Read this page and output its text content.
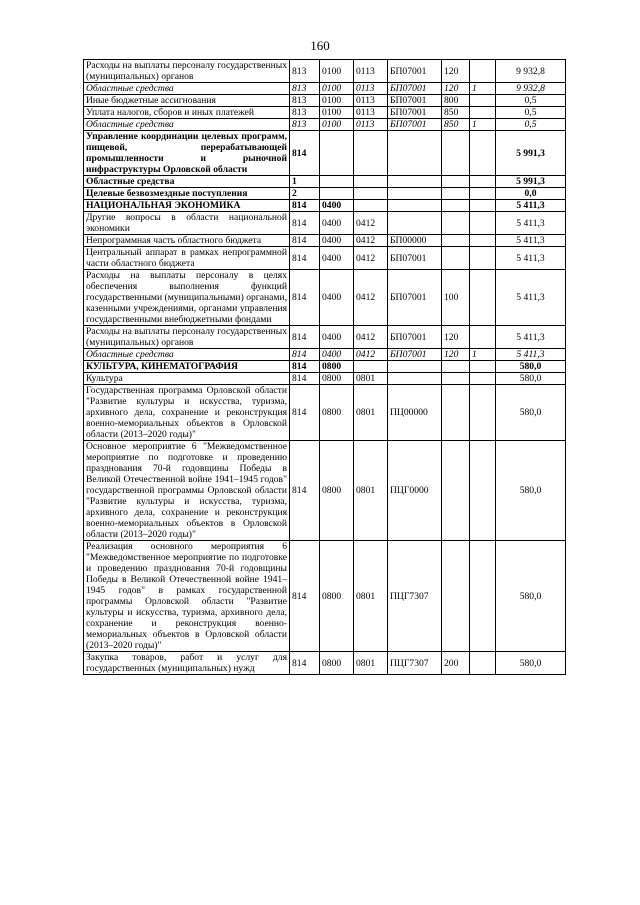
160
Расходы на выплаты персоналу государственных (муниципальных) органов	813	0100	0113	БП07001	120		9 932,8
Областные средства	813	0100	0113	БП07001	120	1	9 932,8
Иные бюджетные ассигнования	813	0100	0113	БП07001	800		0,5
Уплата налогов, сборов и иных платежей	813	0100	0113	БП07001	850		0,5
Областные средства	813	0100	0113	БП07001	850	1	0,5
Управление координации целевых программ, пищевой, перерабатывающей промышленности и рыночной инфраструктуры Орловской области	814						5 991,3
Областные средства	1						5 991,3
Целевые безвозмездные поступления	2						0,0
НАЦИОНАЛЬНАЯ ЭКОНОМИКА	814	0400					5 411,3
Другие вопросы в области национальной экономики	814	0400	0412				5 411,3
Непрограммная часть областного бюджета	814	0400	0412	БП00000			5 411,3
Центральный аппарат в рамках непрограммной части областного бюджета	814	0400	0412	БП07001			5 411,3
Расходы на выплаты персоналу в целях обеспечения выполнения функций государственными (муниципальными) органами, казенными учреждениями, органами управления государственными внебюджетными фондами	814	0400	0412	БП07001	100		5 411,3
Расходы на выплаты персоналу государственных (муниципальных) органов	814	0400	0412	БП07001	120		5 411,3
Областные средства	814	0400	0412	БП07001	120	1	5 411,3
КУЛЬТУРА, КИНЕМАТОГРАФИЯ	814	0800					580,0
Культура	814	0800	0801				580,0
Государственная программа Орловской области "Развитие культуры и искусства, туризма, архивного дела, сохранение и реконструкция военно-мемориальных объектов в Орловской области (2013–2020 годы)"	814	0800	0801	ПЦ00000			580,0
Основное мероприятие 6 "Межведомственное мероприятие по подготовке и проведению празднования 70-й годовщины Победы в Великой Отечественной войне 1941–1945 годов" государственной программы Орловской области "Развитие культуры и искусства, туризма, архивного дела, сохранение и реконструкция военно-мемориальных объектов в Орловской области (2013–2020 годы)"	814	0800	0801	ПЦГ0000			580,0
Реализация основного мероприятия 6 "Межведомственное мероприятие по подготовке и проведению празднования 70-й годовщины Победы в Великой Отечественной войне 1941–1945 годов" в рамках государственной программы Орловской области "Развитие культуры и искусства, туризма, архивного дела, сохранение и реконструкция военно-мемориальных объектов в Орловской области (2013–2020 годы)"	814	0800	0801	ПЦГ7307			580,0
Закупка товаров, работ и услуг для государственных (муниципальных) нужд	814	0800	0801	ПЦГ7307	200		580,0
